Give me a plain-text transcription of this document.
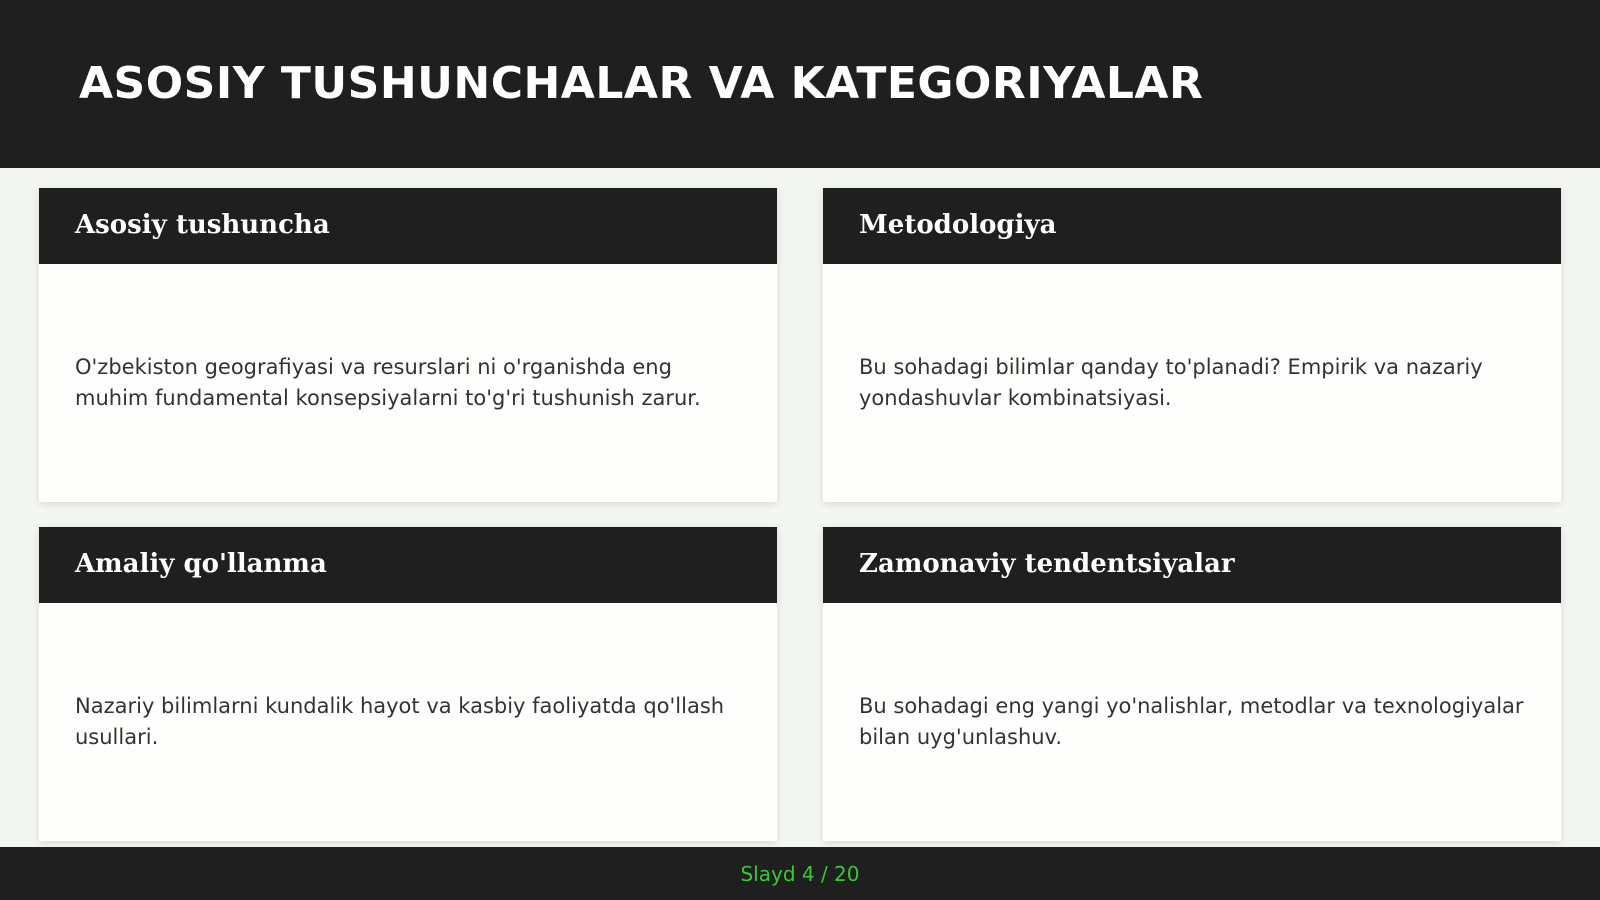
ASOSIY TUSHUNCHALAR VA KATEGORIYALAR
Asosiy tushuncha

O'zbekiston geografiyasi va resurslari ni o'rganishda eng muhim fundamental konsepsiyalarni to'g'ri tushunish zarur.

Metodologiya

Bu sohadagi bilimlar qanday to'planadi? Empirik va nazariy yondashuvlar kombinatsiyasi.

Amaliy qo'llanma

Nazariy bilimlarni kundalik hayot va kasbiy faoliyatda qo'llash usullari.

Zamonaviy tendentsiyalar

Bu sohadagi eng yangi yo'nalishlar, metodlar va texnologiyalar bilan uyg'unlashuv.

Slayd 4 / 20
